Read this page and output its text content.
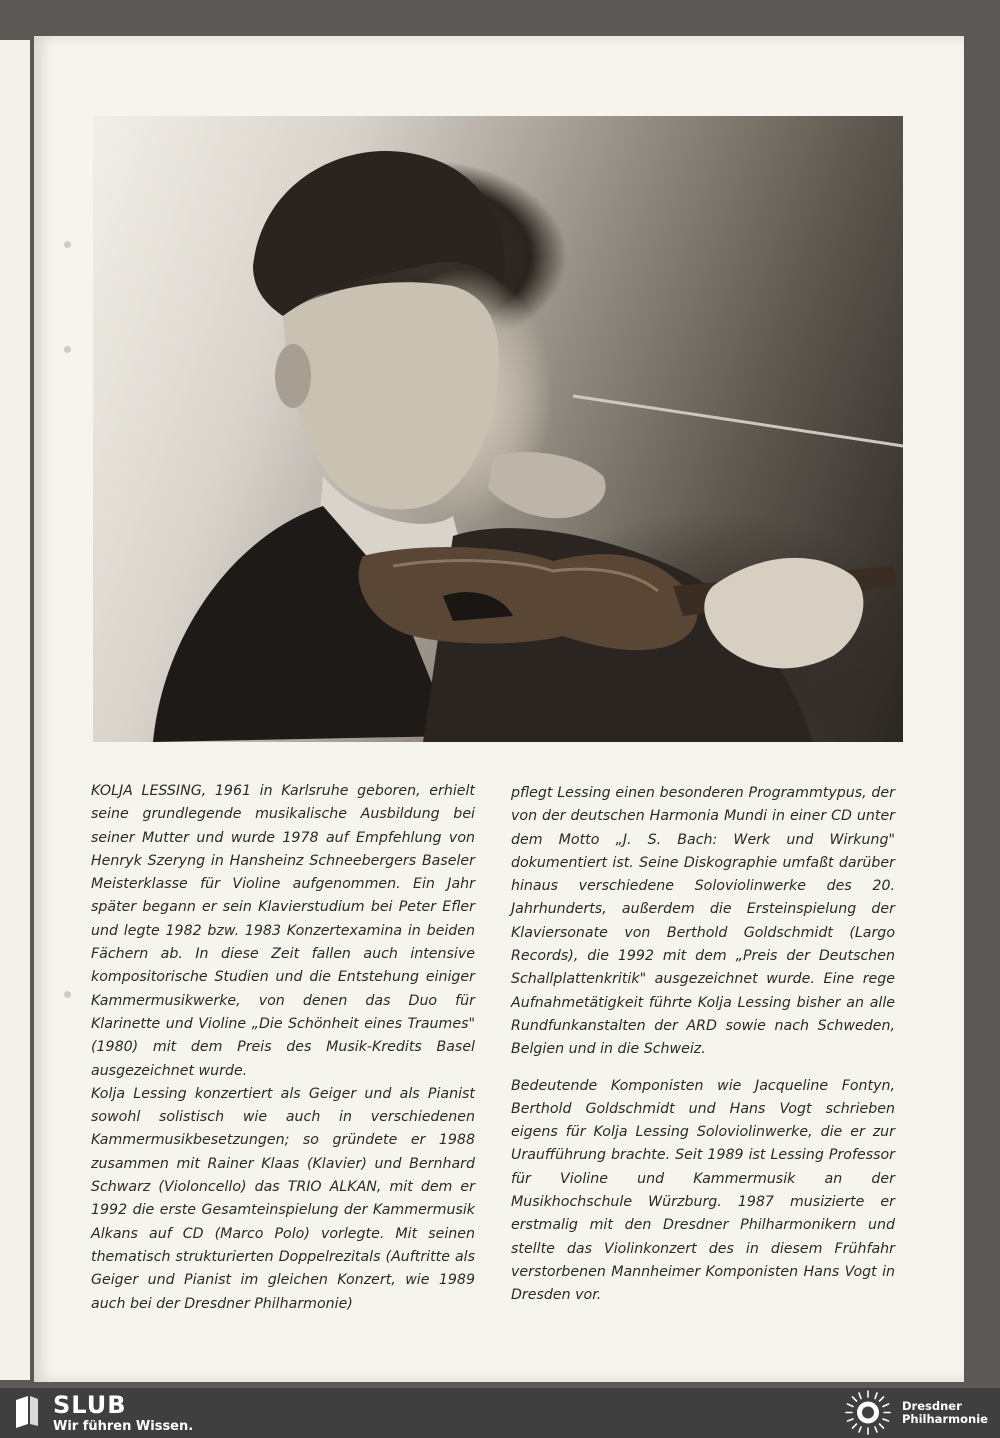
KOLJA LESSING, 1961 in Karlsruhe geboren, erhielt seine grundlegende musikalische Ausbildung bei seiner Mutter und wurde 1978 auf Empfehlung von Henryk Szeryng in Hansheinz Schneebergers Baseler Meisterklasse für Violine aufgenommen. Ein Jahr später begann er sein Klavierstudium bei Peter Efler und legte 1982 bzw. 1983 Konzertexamina in beiden Fächern ab. In diese Zeit fallen auch intensive kompositorische Studien und die Entstehung einiger Kammermusikwerke, von denen das Duo für Klarinette und Violine „Die Schönheit eines Traumes" (1980) mit dem Preis des Musik-Kredits Basel ausgezeichnet wurde.

Kolja Lessing konzertiert als Geiger und als Pianist sowohl solistisch wie auch in verschiedenen Kammermusikbesetzungen; so gründete er 1988 zusammen mit Rainer Klaas (Klavier) und Bernhard Schwarz (Violoncello) das TRIO ALKAN, mit dem er 1992 die erste Gesamteinspielung der Kammermusik Alkans auf CD (Marco Polo) vorlegte. Mit seinen thematisch strukturierten Doppelrezitals (Auftritte als Geiger und Pianist im gleichen Konzert, wie 1989 auch bei der Dresdner Philharmonie)

pflegt Lessing einen besonderen Programmtypus, der von der deutschen Harmonia Mundi in einer CD unter dem Motto „J. S. Bach: Werk und Wirkung" dokumentiert ist. Seine Diskographie umfaßt darüber hinaus verschiedene Soloviolinwerke des 20. Jahrhunderts, außerdem die Ersteinspielung der Klaviersonate von Berthold Goldschmidt (Largo Records), die 1992 mit dem „Preis der Deutschen Schallplattenkritik" ausgezeichnet wurde. Eine rege Aufnahmetätigkeit führte Kolja Lessing bisher an alle Rundfunkanstalten der ARD sowie nach Schweden, Belgien und in die Schweiz.

Bedeutende Komponisten wie Jacqueline Fontyn, Berthold Goldschmidt und Hans Vogt schrieben eigens für Kolja Lessing Soloviolinwerke, die er zur Uraufführung brachte. Seit 1989 ist Lessing Professor für Violine und Kammermusik an der Musikhochschule Würzburg. 1987 musizierte er erstmalig mit den Dresdner Philharmonikern und stellte das Violinkonzert des in diesem Frühfahr verstorbenen Mannheimer Komponisten Hans Vogt in Dresden vor.

SLUB
Wir führen Wissen.
Dresdner
Philharmonie
